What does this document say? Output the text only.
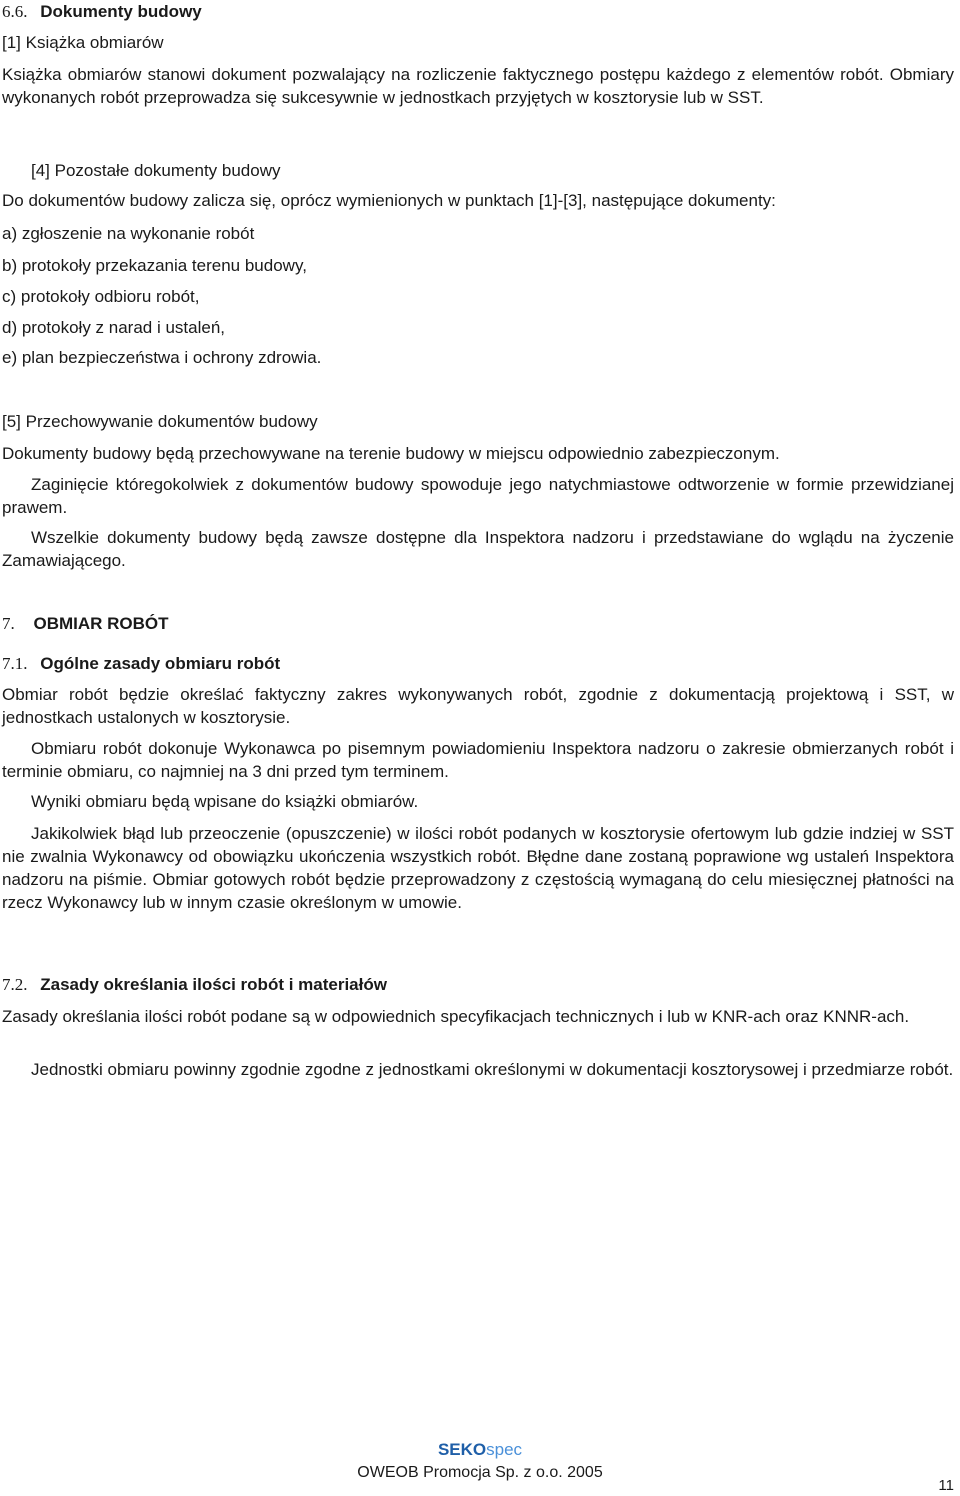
6.6. Dokumenty budowy

[1] Książka obmiarów

Książka obmiarów stanowi dokument pozwalający na rozliczenie faktycznego postępu każdego z elementów robót. Obmiary wykonanych robót przeprowadza się sukcesywnie w jednostkach przyjętych w kosztorysie lub w SST.

[4] Pozostałe dokumenty budowy

Do dokumentów budowy zalicza się, oprócz wymienionych w punktach [1]-[3], następujące dokumenty:

a) zgłoszenie na wykonanie robót

b) protokoły przekazania terenu budowy,

c) protokoły odbioru robót,

d) protokoły z narad i ustaleń,

e) plan bezpieczeństwa i ochrony zdrowia.

[5] Przechowywanie dokumentów budowy

Dokumenty budowy będą przechowywane na terenie budowy w miejscu odpowiednio zabezpieczonym.

Zaginięcie któregokolwiek z dokumentów budowy spowoduje jego natychmiastowe odtworzenie w formie przewidzianej prawem.

Wszelkie dokumenty budowy będą zawsze dostępne dla Inspektora nadzoru i przedstawiane do wglądu na życzenie Zamawiającego.

7. OBMIAR ROBÓT

7.1. Ogólne zasady obmiaru robót

Obmiar robót będzie określać faktyczny zakres wykonywanych robót, zgodnie z dokumentacją projektową i SST, w jednostkach ustalonych w kosztorysie.

Obmiaru robót dokonuje Wykonawca po pisemnym powiadomieniu Inspektora nadzoru o zakresie obmierzanych robót i terminie obmiaru, co najmniej na 3 dni przed tym terminem.

Wyniki obmiaru będą wpisane do książki obmiarów.

Jakikolwiek błąd lub przeoczenie (opuszczenie) w ilości robót podanych w kosztorysie ofertowym lub gdzie indziej w SST nie zwalnia Wykonawcy od obowiązku ukończenia wszystkich robót. Błędne dane zostaną poprawione wg ustaleń Inspektora nadzoru na piśmie. Obmiar gotowych robót będzie przeprowadzony z częstością wymaganą do celu miesięcznej płatności na rzecz Wykonawcy lub w innym czasie określonym w umowie.

7.2. Zasady określania ilości robót i materiałów

Zasady określania ilości robót podane są w odpowiednich specyfikacjach technicznych i lub w KNR-ach oraz KNNR-ach.

Jednostki obmiaru powinny zgodnie zgodne z jednostkami określonymi w dokumentacji kosztorysowej i przedmiarze robót.

SEKOspec
OWEOB Promocja Sp. z o.o. 2005
11
